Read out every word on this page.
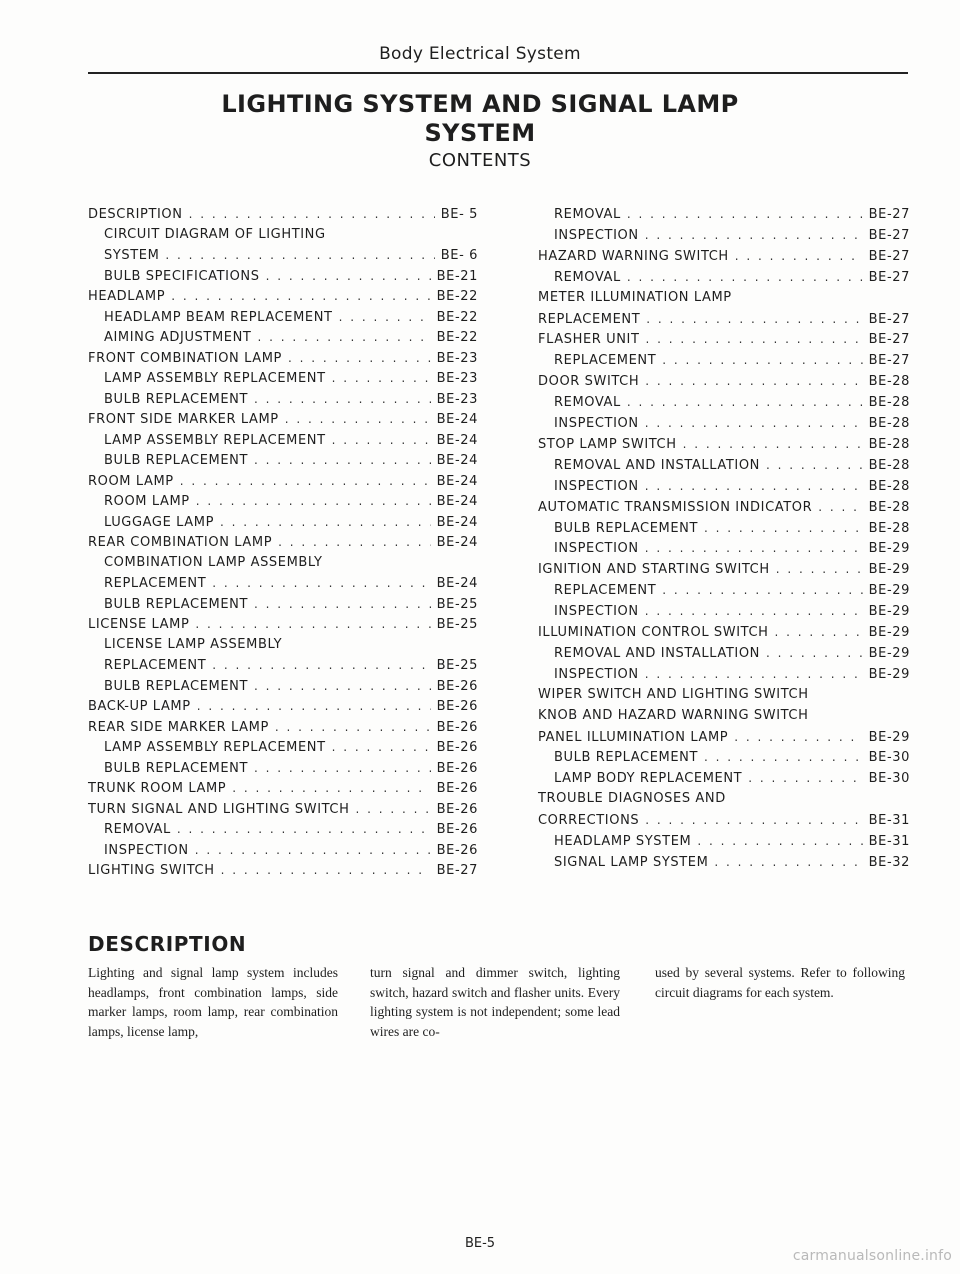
Body Electrical System
LIGHTING SYSTEM AND SIGNAL LAMP
SYSTEM
CONTENTS
DESCRIPTION . . .	BE- 5
CIRCUIT DIAGRAM OF LIGHTING
SYSTEM . . .	BE- 6
BULB SPECIFICATIONS . . .	BE-21
HEADLAMP . . .	BE-22
HEADLAMP BEAM REPLACEMENT . . .	BE-22
AIMING ADJUSTMENT . . .	BE-22
FRONT COMBINATION LAMP . . .	BE-23
LAMP ASSEMBLY REPLACEMENT . . .	BE-23
BULB REPLACEMENT . . .	BE-23
FRONT SIDE MARKER LAMP . . .	BE-24
LAMP ASSEMBLY REPLACEMENT . . .	BE-24
BULB REPLACEMENT . . .	BE-24
ROOM LAMP . . .	BE-24
ROOM LAMP . . .	BE-24
LUGGAGE LAMP . . .	BE-24
REAR COMBINATION LAMP . . .	BE-24
COMBINATION LAMP ASSEMBLY
REPLACEMENT . . .	BE-24
BULB REPLACEMENT . . .	BE-25
LICENSE LAMP . . .	BE-25
LICENSE LAMP ASSEMBLY
REPLACEMENT . . .	BE-25
BULB REPLACEMENT . . .	BE-26
BACK-UP LAMP . . .	BE-26
REAR SIDE MARKER LAMP . . .	BE-26
LAMP ASSEMBLY REPLACEMENT . . .	BE-26
BULB REPLACEMENT . . .	BE-26
TRUNK ROOM LAMP . . .	BE-26
TURN SIGNAL AND LIGHTING SWITCH . . .	BE-26
REMOVAL . . .	BE-26
INSPECTION . . .	BE-26
LIGHTING SWITCH . . .	BE-27
REMOVAL . . .	BE-27
INSPECTION . . .	BE-27
HAZARD WARNING SWITCH . . .	BE-27
REMOVAL . . .	BE-27
METER ILLUMINATION LAMP
REPLACEMENT . . .	BE-27
FLASHER UNIT . . .	BE-27
REPLACEMENT . . .	BE-27
DOOR SWITCH . . .	BE-28
REMOVAL . . .	BE-28
INSPECTION . . .	BE-28
STOP LAMP SWITCH . . .	BE-28
REMOVAL AND INSTALLATION . . .	BE-28
INSPECTION . . .	BE-28
AUTOMATIC TRANSMISSION INDICATOR . . .	BE-28
BULB REPLACEMENT . . .	BE-28
INSPECTION . . .	BE-29
IGNITION AND STARTING SWITCH . . .	BE-29
REPLACEMENT . . .	BE-29
INSPECTION . . .	BE-29
ILLUMINATION CONTROL SWITCH . . .	BE-29
REMOVAL AND INSTALLATION . . .	BE-29
INSPECTION . . .	BE-29
WIPER SWITCH AND LIGHTING SWITCH
KNOB AND HAZARD WARNING SWITCH
PANEL ILLUMINATION LAMP . . .	BE-29
BULB REPLACEMENT . . .	BE-30
LAMP BODY REPLACEMENT . . .	BE-30
TROUBLE DIAGNOSES AND
CORRECTIONS . . .	BE-31
HEADLAMP SYSTEM . . .	BE-31
SIGNAL LAMP SYSTEM . . .	BE-32
DESCRIPTION
Lighting and signal lamp system includes headlamps, front combination lamps, side marker lamps, room lamp, rear combination lamps, license lamp,
turn signal and dimmer switch, lighting switch, hazard switch and flasher units. Every lighting system is not independent; some lead wires are co-
used by several systems. Refer to following circuit diagrams for each system.
BE-5
carmanualsonline.info
